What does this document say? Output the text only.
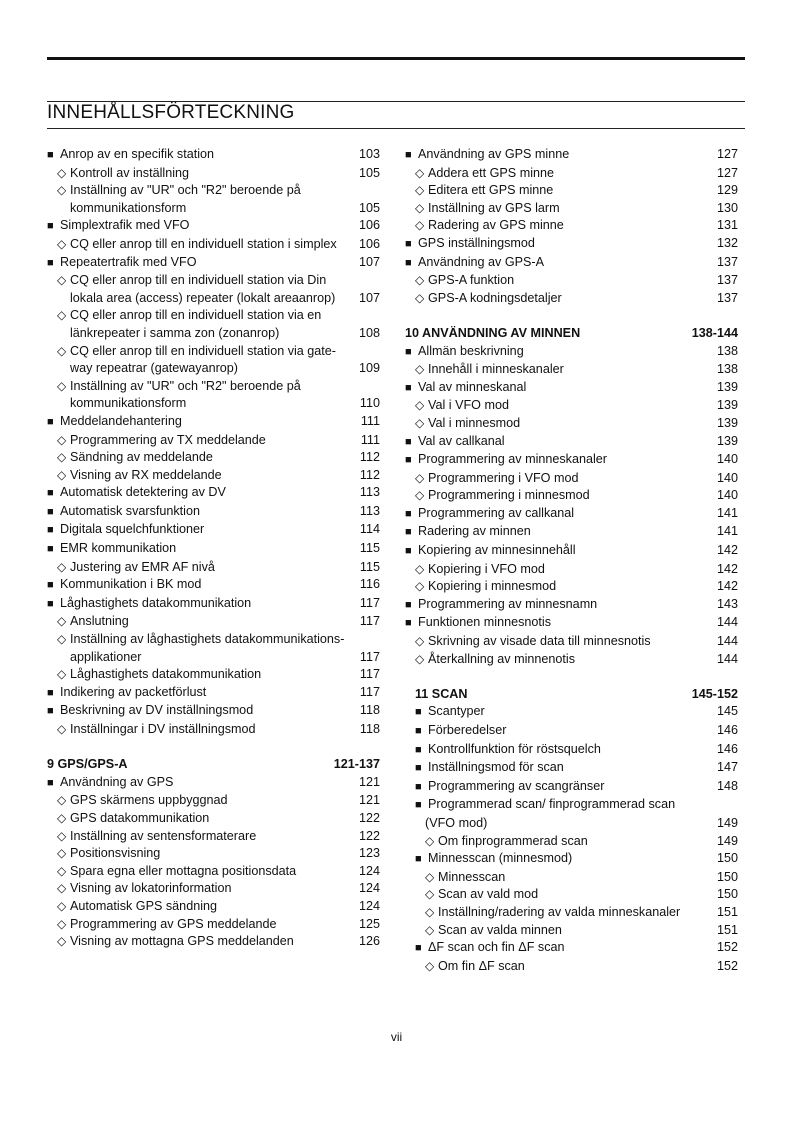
INNEHÅLLSFÖRTECKNING
■ Anrop av en specifik station	103
◇ Kontroll av inställning	105
◇ Inställning av "UR" och "R2" beroende på
kommunikationsform	105
■ Simplextrafik med VFO	106
◇ CQ eller anrop till en individuell station i simplex	106
■ Repeatertrafik med VFO	107
◇ CQ eller anrop till en individuell station via Din
lokala area (access) repeater (lokalt areaanrop)	107
◇ CQ eller anrop till en individuell station via en
länkrepeater i samma zon (zonanrop)	108
◇ CQ eller anrop till en individuell station via gate-
way repeatrar (gatewayanrop)	109
◇ Inställning av "UR" och "R2" beroende på
kommunikationsform	110
■ Meddelandehantering	111
◇ Programmering av TX meddelande	111
◇ Sändning av meddelande	112
◇ Visning av RX meddelande	112
■ Automatisk detektering av DV	113
■ Automatisk svarsfunktion	113
■ Digitala squelchfunktioner	114
■ EMR kommunikation	115
◇ Justering av EMR AF nivå	115
■ Kommunikation i BK mod	116
■ Låghastighets datakommunikation	117
◇ Anslutning	117
◇ Inställning av låghastighets datakommunikations-
applikationer	117
◇ Låghastighets datakommunikation	117
■ Indikering av packetförlust	117
■ Beskrivning av DV inställningsmod	118
◇ Inställningar i DV inställningsmod	118
9 GPS/GPS-A	121-137
■ Användning av GPS	121
◇ GPS skärmens uppbyggnad	121
◇ GPS datakommunikation	122
◇ Inställning av sentensformaterare	122
◇ Positionsvisning	123
◇ Spara egna eller mottagna positionsdata	124
◇ Visning av lokatorinformation	124
◇ Automatisk GPS sändning	124
◇ Programmering av GPS meddelande	125
◇ Visning av mottagna GPS meddelanden	126
■ Användning av GPS minne	127
◇ Addera ett GPS minne	127
◇ Editera ett GPS minne	129
◇ Inställning av GPS larm	130
◇ Radering av GPS minne	131
■ GPS inställningsmod	132
■ Användning av GPS-A	137
◇ GPS-A funktion	137
◇ GPS-A kodningsdetaljer	137
10 ANVÄNDNING AV MINNEN	138-144
■ Allmän beskrivning	138
◇ Innehåll i minneskanaler	138
■ Val av minneskanal	139
◇ Val i VFO mod	139
◇ Val i minnesmod	139
■ Val av callkanal	139
■ Programmering av minneskanaler	140
◇ Programmering i VFO mod	140
◇ Programmering i minnesmod	140
■ Programmering av callkanal	141
■ Radering av minnen	141
■ Kopiering av minnesinnehåll	142
◇ Kopiering i VFO mod	142
◇ Kopiering i minnesmod	142
■ Programmering av minnesnamn	143
■ Funktionen minnesnotis	144
◇ Skrivning av visade data till minnesnotis	144
◇ Återkallning av minnenotis	144
11 SCAN	145-152
■ Scantyper	145
■ Förberedelser	146
■ Kontrollfunktion för röstsquelch	146
■ Inställningsmod för scan	147
■ Programmering av scangränser	148
■ Programmerad scan/ finprogrammerad scan
(VFO mod)	149
◇ Om finprogrammerad scan	149
■ Minnesscan (minnesmod)	150
◇ Minnesscan	150
◇ Scan av vald mod	150
◇ Inställning/radering av valda minneskanaler	151
◇ Scan av valda minnen	151
■ ΔF scan och fin ΔF scan	152
◇ Om fin ΔF scan	152
vii
